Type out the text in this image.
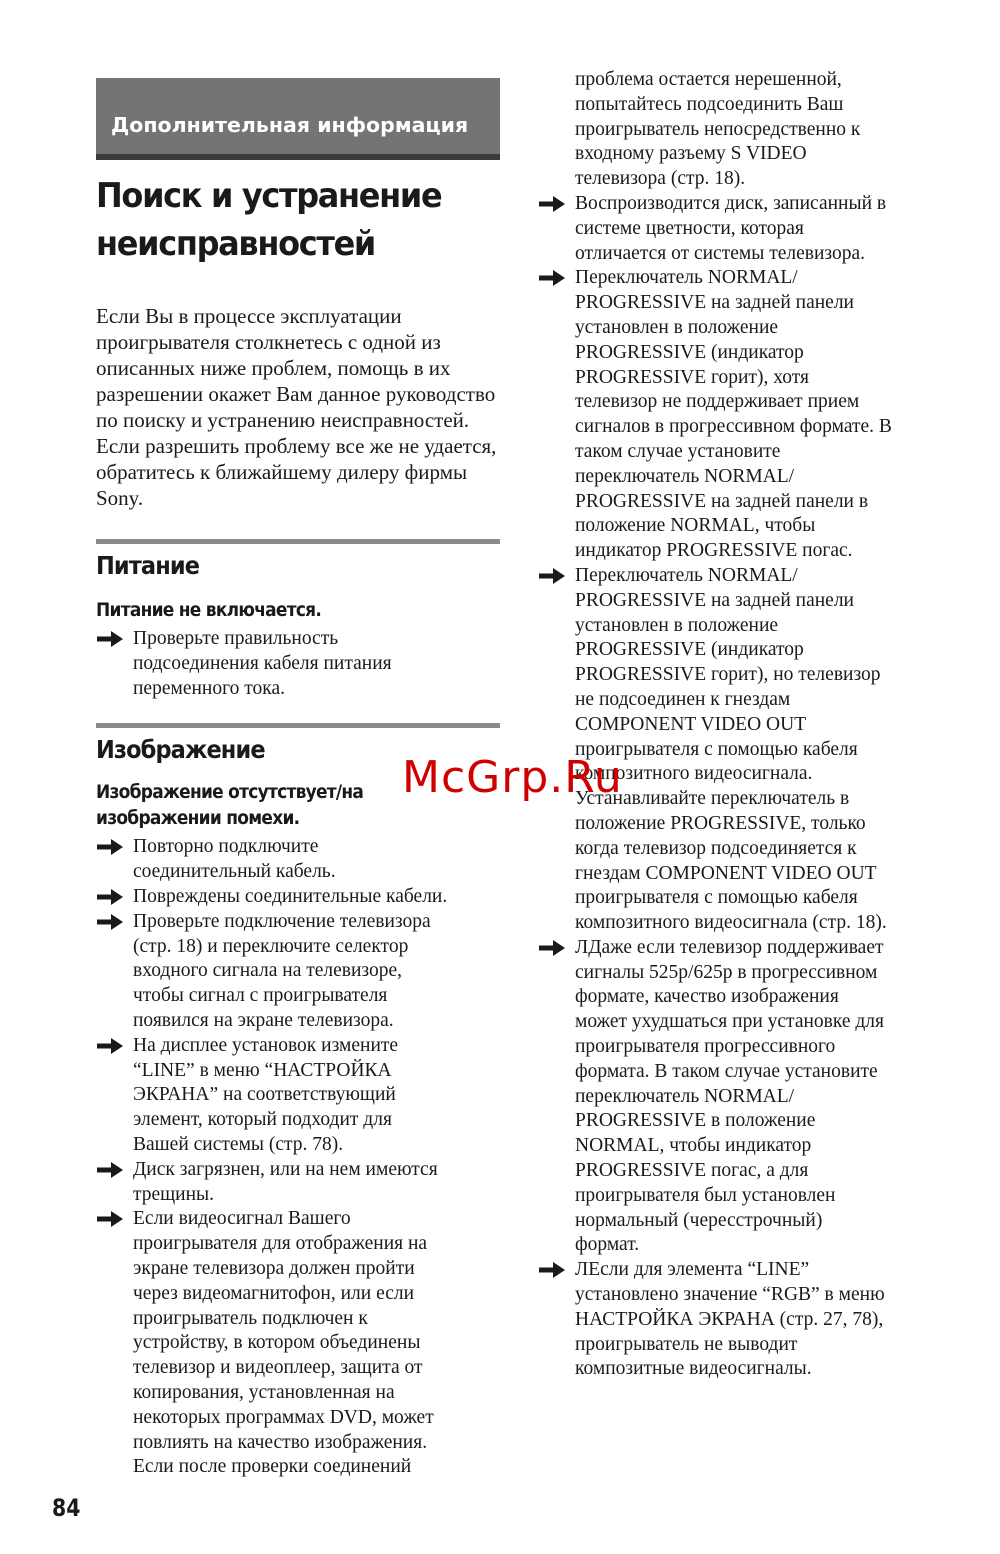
Дополнительная информация
Поиск и устранение
неисправностей

Если Вы в процессе эксплуатации проигрывателя столкнетесь с одной из описанных ниже проблем, помощь в их разрешении окажет Вам данное руководство по поиску и устранению неисправностей. Если разрешить проблему все же не удается, обратитесь к ближайшему дилеру фирмы Sony.

Питание
Питание не включается.
Проверьте правильность
подсоединения кабеля питания
переменного тока.
Изображение
Изображение отсутствует/на
изображении помехи.
Повторно подключите
соединительный кабель.
Повреждены соединительные кабели.
Проверьте подключение телевизора
(стр. 18) и переключите селектор
входного сигнала на телевизоре,
чтобы сигнал с проигрывателя
появился на экране телевизора.
На дисплее установок измените
“LINE” в меню “НАСТРОЙКА
ЭКРАНА” на соответствующий
элемент, который подходит для
Вашей системы (стр. 78).
Диск загрязнен, или на нем имеются
трещины.
Если видеосигнал Вашего
проигрывателя для отображения на
экране телевизора должен пройти
через видеомагнитофон, или если
проигрыватель подключен к
устройству, в котором объединены
телевизор и видеоплеер, защита от
копирования, установленная на
некоторых программах DVD, может
повлиять на качество изображения.
Если после проверки соединений
проблема остается нерешенной,
попытайтесь подсоединить Ваш
проигрыватель непосредственно к
входному разъему S VIDEO
телевизора (стр. 18).
Воспроизводится диск, записанный в
системе цветности, которая
отличается от системы телевизора.
Переключатель NORMAL/
PROGRESSIVE на задней панели
установлен в положение
PROGRESSIVE (индикатор
PROGRESSIVE горит), хотя
телевизор не поддерживает прием
сигналов в прогрессивном формате. В
таком случае установите
переключатель NORMAL/
PROGRESSIVE на задней панели в
положение NORMAL, чтобы
индикатор PROGRESSIVE погас.
Переключатель NORMAL/
PROGRESSIVE на задней панели
установлен в положение
PROGRESSIVE (индикатор
PROGRESSIVE горит), но телевизор
не подсоединен к гнездам
COMPONENT VIDEO OUT
проигрывателя с помощью кабеля
композитного видеосигнала.
Устанавливайте переключатель в
положение PROGRESSIVE, только
когда телевизор подсоединяется к
гнездам COMPONENT VIDEO OUT
проигрывателя с помощью кабеля
композитного видеосигнала (стр. 18).
ЛДаже если телевизор поддерживает
сигналы 525p/625p в прогрессивном
формате, качество изображения
может ухудшаться при установке для
проигрывателя прогрессивного
формата. В таком случае установите
переключатель NORMAL/
PROGRESSIVE в положение
NORMAL, чтобы индикатор
PROGRESSIVE погас, а для
проигрывателя был установлен
нормальный (чересстрочный)
формат.
ЛЕсли для элемента “LINE”
установлено значение “RGB” в меню
НАСТРОЙКА ЭКРАНА (стр. 27, 78),
проигрыватель не выводит
композитные видеосигналы.
McGrp.Ru
84
